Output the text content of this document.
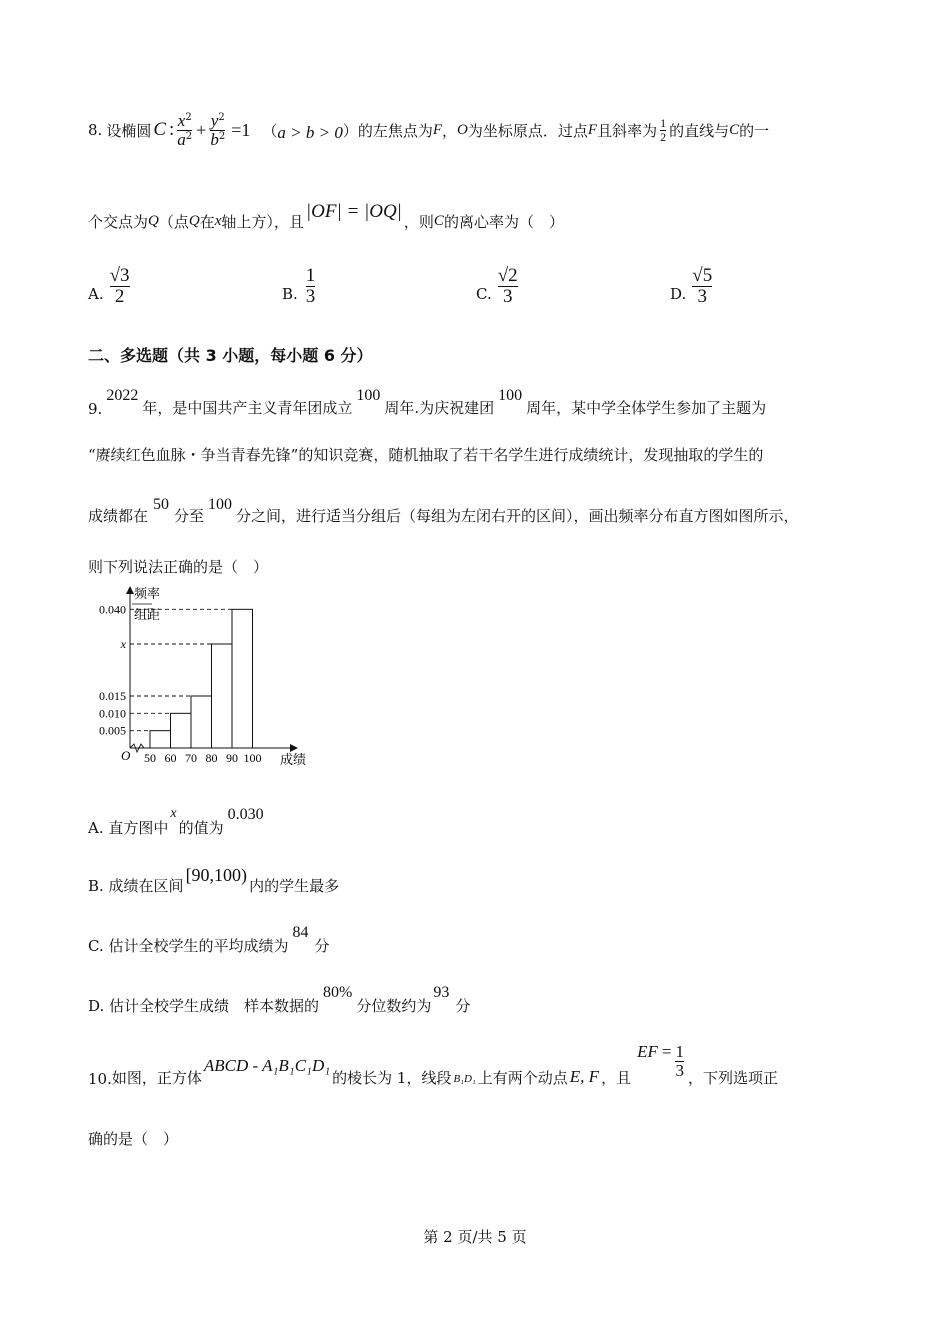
8. 设椭圆 C : $\frac{x^2}{a^2} + \frac{y^2}{b^2} =1$ （ a > b > 0 ） 的左焦点为 F ， O 为坐标原点．过点 F 且斜率为 $\frac{1}{2}$ 的直线与 C 的一
个交点为 Q （点 Q 在 x 轴上方），且 |OF| = |OQ| ，则 C 的离心率为（　）
A. $\frac{√3}{2}$	B. $\frac{1}{3}$	C. $\frac{√2}{3}$	D. $\frac{√5}{3}$
二、多选题（共 3 小题，每小题 6 分）
9.
2022
年，是中国共产主义青年团成立
100
周年.为庆祝建团
100
周年，某中学全体学生参加了主题为
“赓续红色血脉・争当青春先锋”的知识竞赛，随机抽取了若干名学生进行成绩统计，发现抽取的学生的
成绩都在
50
分至
100
分之间，进行适当分组后（每组为左闭右开的区间），画出频率分布直方图如图所示，
则下列说法正确的是（　）
频率
组距
O	成绩
0.005
0.010
0.015
x
0.040
50 60 70 80 90 100
A. 直方图中
x
的值为
0.030
B. 成绩在区间
[90,100)
内的学生最多
C. 估计全校学生的平均成绩为
84
分
D. 估计全校学生成绩　样本数据的
80%
分位数约为
93
分
10. 如图，正方体
ABCD - A₁B₁C₁D₁
的棱长为 1，线段 B₁D₁ 上有两个动点 E, F ，且
EF = $\frac{1}{3}$ ，下列选项正
确的是（　）
第 2 页/共 5 页
